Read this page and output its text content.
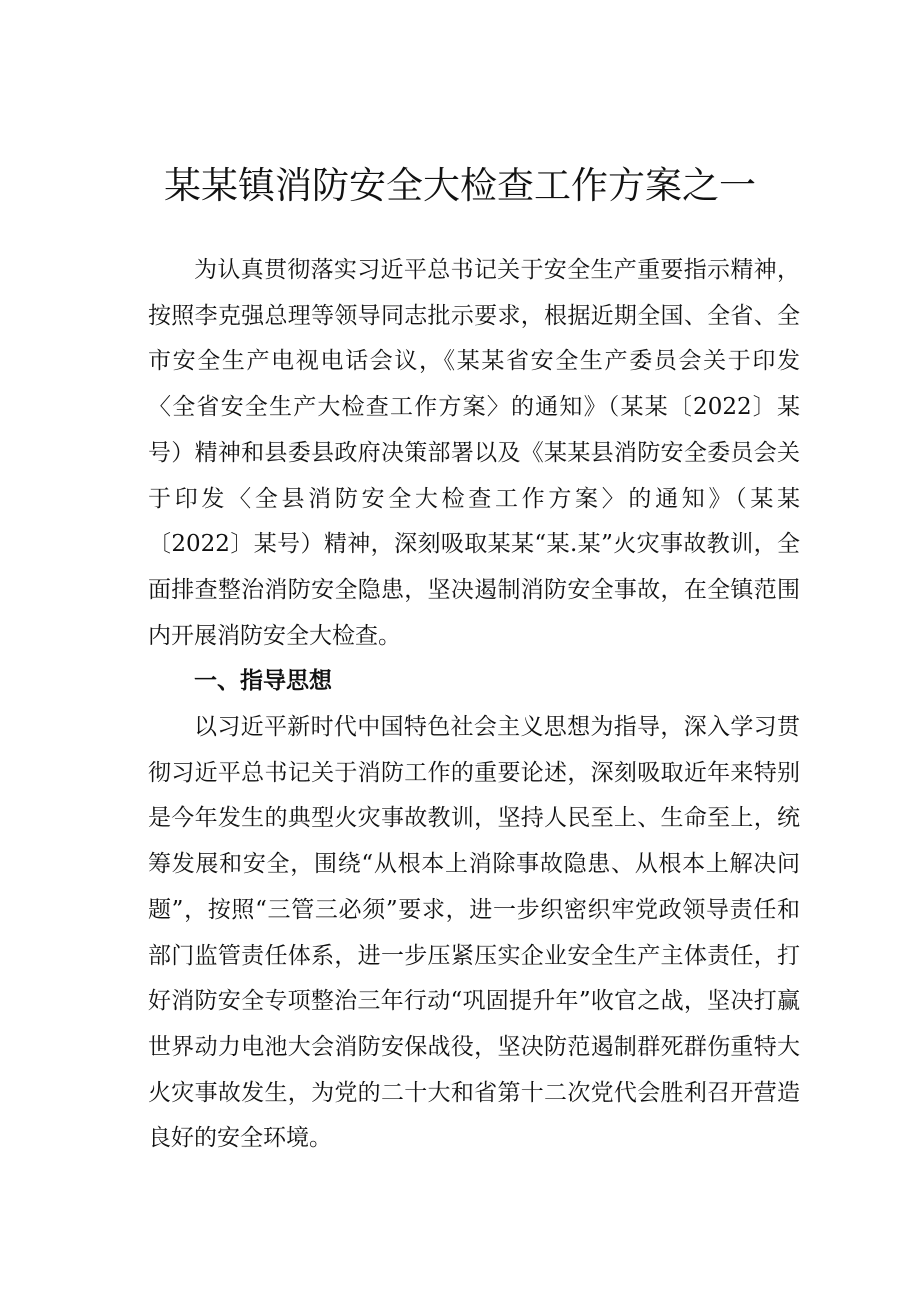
某某镇消防安全大检查工作方案之一

为认真贯彻落实习近平总书记关于安全生产重要指示精神，按照李克强总理等领导同志批示要求，根据近期全国、全省、全市安全生产电视电话会议，《某某省安全生产委员会关于印发〈全省安全生产大检查工作方案〉的通知》（某某〔2022〕某号）精神和县委县政府决策部署以及《某某县消防安全委员会关于印发〈全县消防安全大检查工作方案〉的通知》（某某〔2022〕某号）精神，深刻吸取某某“某.某”火灾事故教训，全面排查整治消防安全隐患，坚决遏制消防安全事故，在全镇范围内开展消防安全大检查。

一、指导思想

以习近平新时代中国特色社会主义思想为指导，深入学习贯彻习近平总书记关于消防工作的重要论述，深刻吸取近年来特别是今年发生的典型火灾事故教训，坚持人民至上、生命至上，统筹发展和安全，围绕“从根本上消除事故隐患、从根本上解决问题”，按照“三管三必须”要求，进一步织密织牢党政领导责任和部门监管责任体系，进一步压紧压实企业安全生产主体责任，打好消防安全专项整治三年行动“巩固提升年”收官之战，坚决打赢世界动力电池大会消防安保战役，坚决防范遏制群死群伤重特大火灾事故发生，为党的二十大和省第十二次党代会胜利召开营造良好的安全环境。
